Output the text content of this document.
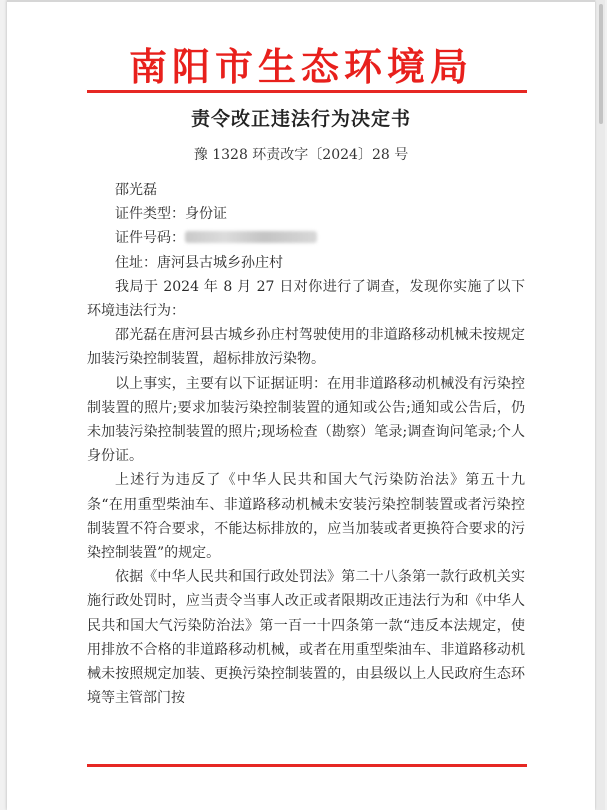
南阳市生态环境局
责令改正违法行为决定书
豫 1328 环责改字〔2024〕28 号

邵光磊

证件类型：身份证

证件号码：

住址：唐河县古城乡孙庄村

我局于 2024 年 8 月 27 日对你进行了调查，发现你实施了以下环境违法行为：

邵光磊在唐河县古城乡孙庄村驾驶使用的非道路移动机械未按规定加装污染控制装置，超标排放污染物。

以上事实，主要有以下证据证明：在用非道路移动机械没有污染控制装置的照片;要求加装污染控制装置的通知或公告;通知或公告后，仍未加装污染控制装置的照片;现场检查（勘察）笔录;调查询问笔录;个人身份证。

上述行为违反了《中华人民共和国大气污染防治法》第五十九条“在用重型柴油车、非道路移动机械未安装污染控制装置或者污染控制装置不符合要求，不能达标排放的，应当加装或者更换符合要求的污染控制装置”的规定。

依据《中华人民共和国行政处罚法》第二十八条第一款行政机关实施行政处罚时，应当责令当事人改正或者限期改正违法行为和《中华人民共和国大气污染防治法》第一百一十四条第一款“违反本法规定，使用排放不合格的非道路移动机械，或者在用重型柴油车、非道路移动机械未按照规定加装、更换污染控制装置的，由县级以上人民政府生态环境等主管部门按
